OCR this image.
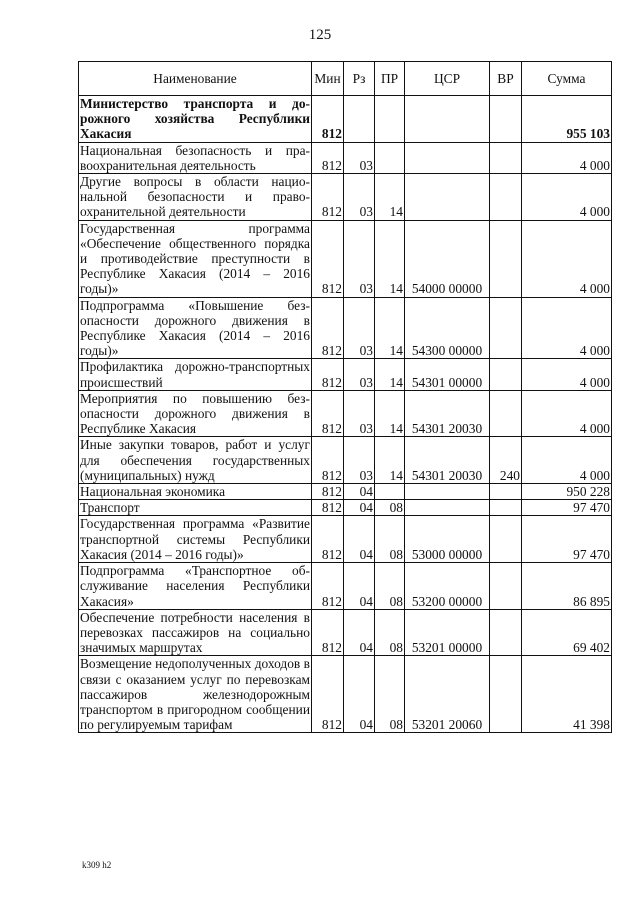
125
Наименование	Мин	Рз	ПР	ЦСР	ВР	Сумма
Министерство транспорта и дорожного хозяйства Республики Хакасия	812					955 103
Национальная безопасность и правоохранительная деятельность	812	03				4 000
Другие вопросы в области национальной безопасности и правоохранительной деятельности	812	03	14			4 000
Государственная программа «Обеспечение общественного порядка и противодействие преступности в Республике Хакасия (2014 – 2016 годы)»	812	03	14	54000 00000		4 000
Подпрограмма «Повышение безопасности дорожного движения в Республике Хакасия (2014 – 2016 годы)»	812	03	14	54300 00000		4 000
Профилактика дорожно-транспортных происшествий	812	03	14	54301 00000		4 000
Мероприятия по повышению безопасности дорожного движения в Республике Хакасия	812	03	14	54301 20030		4 000
Иные закупки товаров, работ и услуг для обеспечения государственных (муниципальных) нужд	812	03	14	54301 20030	240	4 000
Национальная экономика	812	04				950 228
Транспорт	812	04	08			97 470
Государственная программа «Развитие транспортной системы Республики Хакасия (2014 – 2016 годы)»	812	04	08	53000 00000		97 470
Подпрограмма «Транспортное обслуживание населения Республики Хакасия»	812	04	08	53200 00000		86 895
Обеспечение потребности населения в перевозках пассажиров на социально значимых маршрутах	812	04	08	53201 00000		69 402
Возмещение недополученных доходов в связи с оказанием услуг по перевозкам пассажиров железнодорожным транспортом в пригородном сообщении по регулируемым тарифам	812	04	08	53201 20060		41 398
k309 h2
